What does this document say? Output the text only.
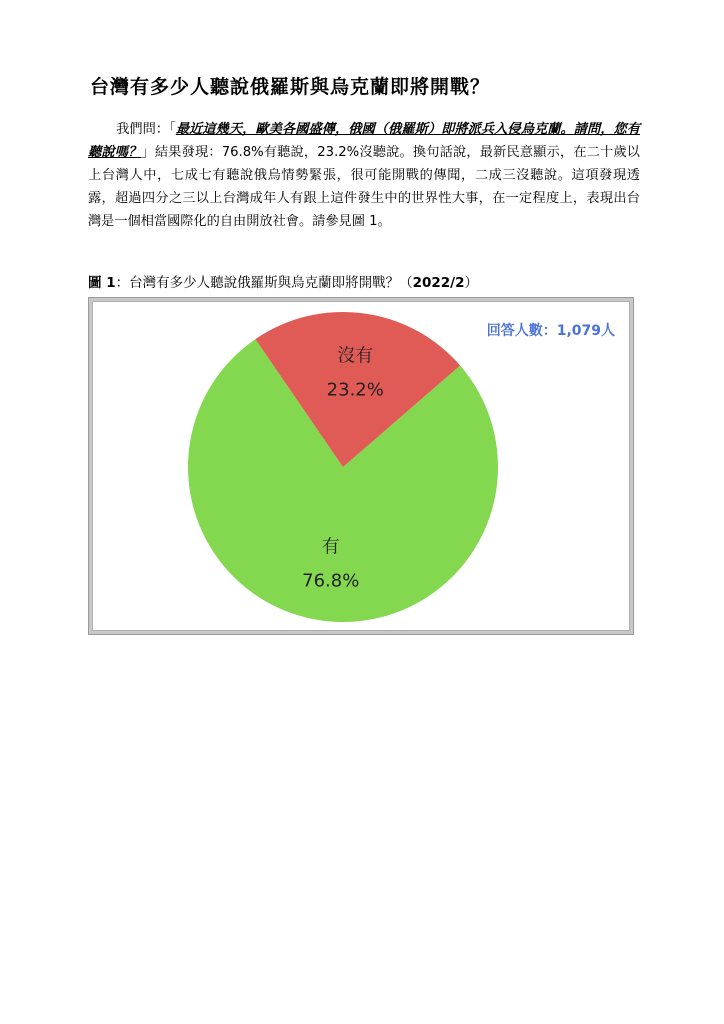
台灣有多少人聽說俄羅斯與烏克蘭即將開戰？
我們問：「最近這幾天，歐美各國盛傳，俄國（俄羅斯）即將派兵入侵烏克蘭。請問，您有聽說嗎？」結果發現：76.8%有聽說，23.2%沒聽說。換句話說，最新民意顯示，在二十歲以上台灣人中，七成七有聽說俄烏情勢緊張，很可能開戰的傳聞，二成三沒聽說。這項發現透露，超過四分之三以上台灣成年人有跟上這件發生中的世界性大事，在一定程度上，表現出台灣是一個相當國際化的自由開放社會。請參見圖 1。
圖 1：台灣有多少人聽說俄羅斯與烏克蘭即將開戰？（2022/2）
回答人數：1,079人
有
76.8%
沒有
23.2%
